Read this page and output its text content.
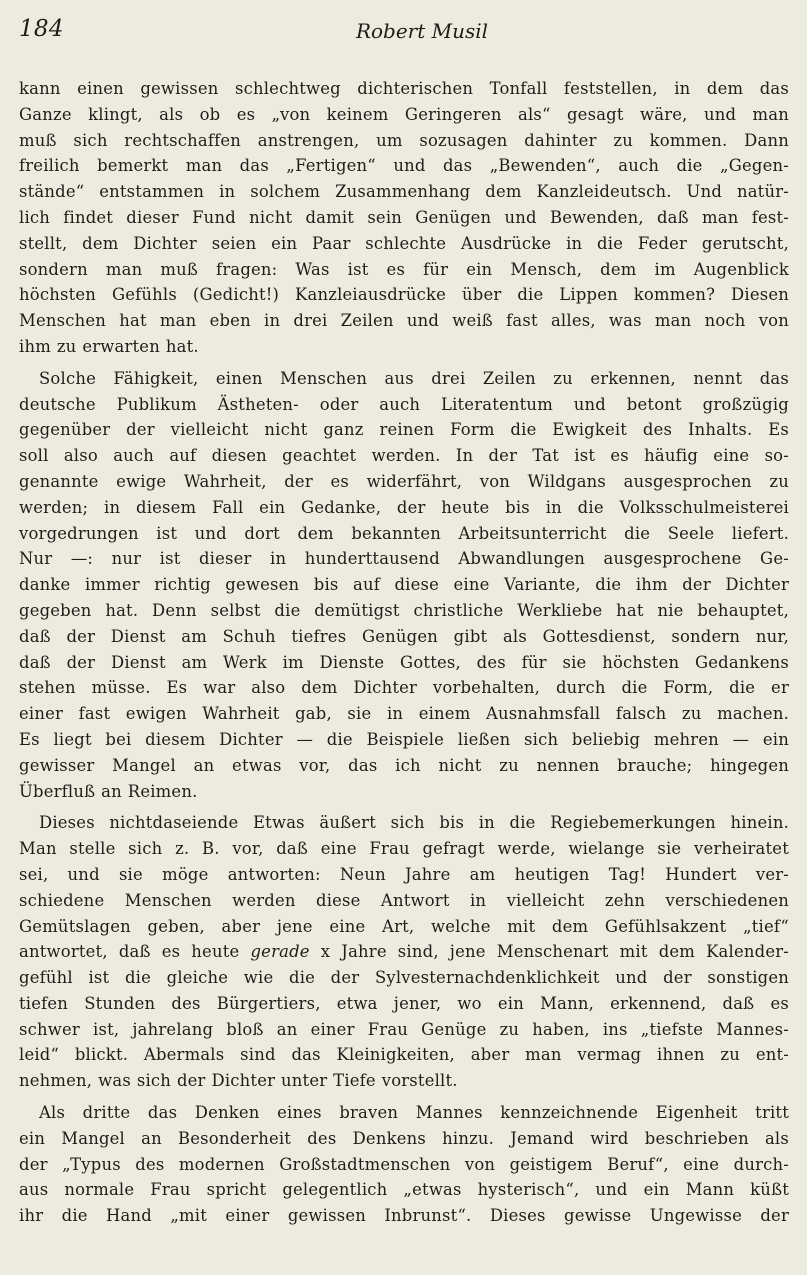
184	Robert Musil
kann einen gewissen schlechtweg dichterischen Tonfall feststellen, in dem das
Ganze klingt, als ob es „von keinem Geringeren als“ gesagt wäre, und man
muß sich rechtschaffen anstrengen, um sozusagen dahinter zu kommen. Dann
freilich bemerkt man das „Fertigen“ und das „Bewenden“, auch die „Gegen-
stände“ entstammen in solchem Zusammenhang dem Kanzleideutsch. Und natür-
lich findet dieser Fund nicht damit sein Genügen und Bewenden, daß man fest-
stellt, dem Dichter seien ein Paar schlechte Ausdrücke in die Feder gerutscht,
sondern man muß fragen: Was ist es für ein Mensch, dem im Augenblick
höchsten Gefühls (Gedicht!) Kanzleiausdrücke über die Lippen kommen? Diesen
Menschen hat man eben in drei Zeilen und weiß fast alles, was man noch von
ihm zu erwarten hat.
Solche Fähigkeit, einen Menschen aus drei Zeilen zu erkennen, nennt das
deutsche Publikum Ästheten- oder auch Literatentum und betont großzügig
gegenüber der vielleicht nicht ganz reinen Form die Ewigkeit des Inhalts. Es
soll also auch auf diesen geachtet werden. In der Tat ist es häufig eine so-
genannte ewige Wahrheit, der es widerfährt, von Wildgans ausgesprochen zu
werden; in diesem Fall ein Gedanke, der heute bis in die Volksschulmeisterei
vorgedrungen ist und dort dem bekannten Arbeitsunterricht die Seele liefert.
Nur —: nur ist dieser in hunderttausend Abwandlungen ausgesprochene Ge-
danke immer richtig gewesen bis auf diese eine Variante, die ihm der Dichter
gegeben hat. Denn selbst die demütigst christliche Werkliebe hat nie behauptet,
daß der Dienst am Schuh tiefres Genügen gibt als Gottesdienst, sondern nur,
daß der Dienst am Werk im Dienste Gottes, des für sie höchsten Gedankens
stehen müsse. Es war also dem Dichter vorbehalten, durch die Form, die er
einer fast ewigen Wahrheit gab, sie in einem Ausnahmsfall falsch zu machen.
Es liegt bei diesem Dichter — die Beispiele ließen sich beliebig mehren — ein
gewisser Mangel an etwas vor, das ich nicht zu nennen brauche; hingegen
Überfluß an Reimen.
Dieses nichtdaseiende Etwas äußert sich bis in die Regiebemerkungen hinein.
Man stelle sich z. B. vor, daß eine Frau gefragt werde, wielange sie verheiratet
sei, und sie möge antworten: Neun Jahre am heutigen Tag! Hundert ver-
schiedene Menschen werden diese Antwort in vielleicht zehn verschiedenen
Gemütslagen geben, aber jene eine Art, welche mit dem Gefühlsakzent „tief“
antwortet, daß es heute gerade x Jahre sind, jene Menschenart mit dem Kalender-
gefühl ist die gleiche wie die der Sylvesternachdenklichkeit und der sonstigen
tiefen Stunden des Bürgertiers, etwa jener, wo ein Mann, erkennend, daß es
schwer ist, jahrelang bloß an einer Frau Genüge zu haben, ins „tiefste Mannes-
leid“ blickt. Abermals sind das Kleinigkeiten, aber man vermag ihnen zu ent-
nehmen, was sich der Dichter unter Tiefe vorstellt.
Als dritte das Denken eines braven Mannes kennzeichnende Eigenheit tritt
ein Mangel an Besonderheit des Denkens hinzu. Jemand wird beschrieben als
der „Typus des modernen Großstadtmenschen von geistigem Beruf“, eine durch-
aus normale Frau spricht gelegentlich „etwas hysterisch“, und ein Mann küßt
ihr die Hand „mit einer gewissen Inbrunst“. Dieses gewisse Ungewisse der
